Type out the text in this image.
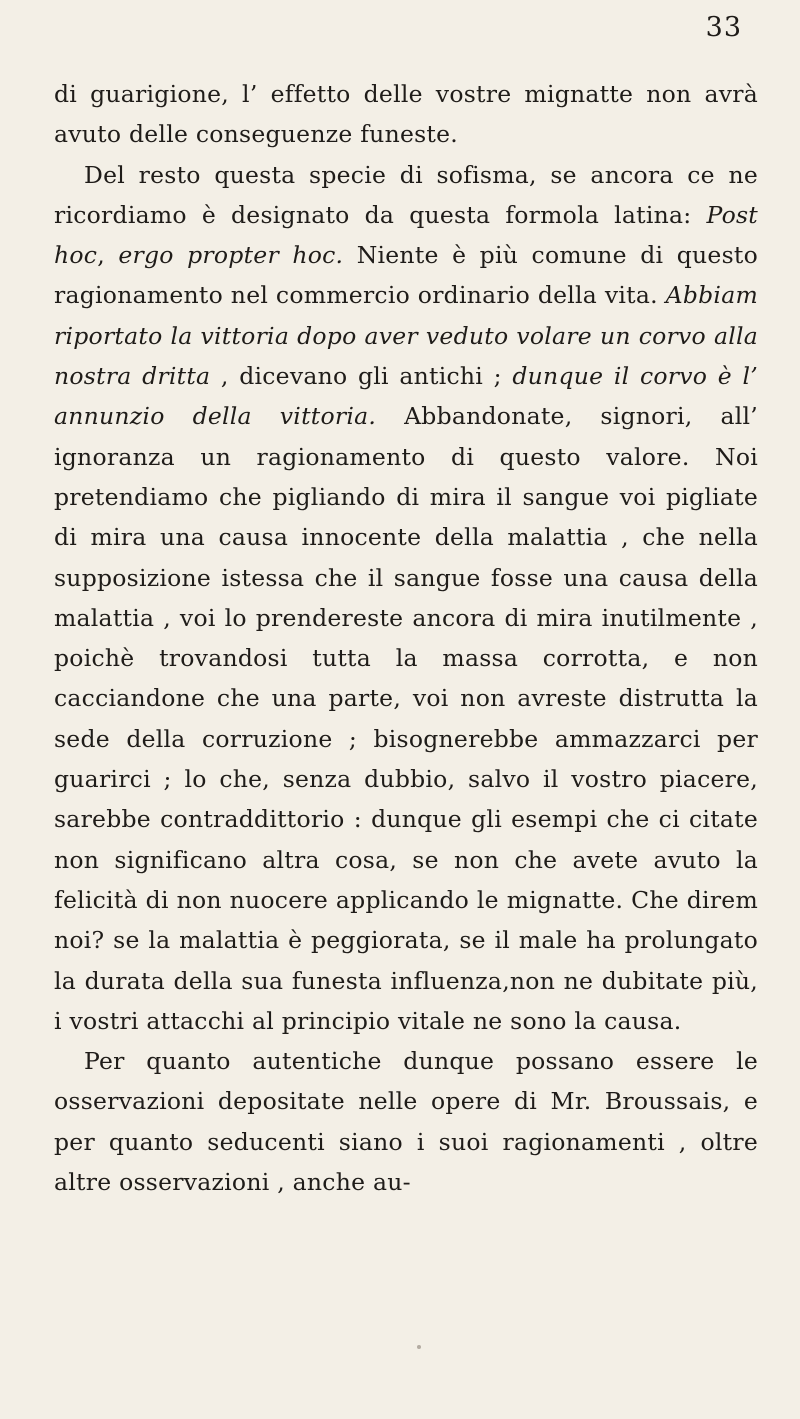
33

di guarigione, l’ effetto delle vostre mignatte non avrà avuto delle conseguenze funeste.

Del resto questa specie di sofisma, se ancora ce ne ricordiamo è designato da questa formola latina: Post hoc, ergo propter hoc. Niente è più comune di questo ragionamento nel commercio ordinario della vita. Abbiam riportato la vittoria dopo aver veduto volare un corvo alla nostra dritta , dicevano gli antichi ; dunque il corvo è l’ annunzio della vittoria. Abbandonate, signori, all’ ignoranza un ragionamento di questo valore. Noi pretendiamo che pigliando di mira il sangue voi pigliate di mira una causa innocente della malattia , che nella supposizione istessa che il sangue fosse una causa della malattia , voi lo prendereste ancora di mira inutilmente , poichè trovandosi tutta la massa corrotta, e non cacciandone che una parte, voi non avreste distrutta la sede della corruzione ; bisognerebbe ammazzarci per guarirci ; lo che, senza dubbio, salvo il vostro piacere, sarebbe contraddittorio : dunque gli esempi che ci citate non significano altra cosa, se non che avete avuto la felicità di non nuocere applicando le mignatte. Che direm noi? se la malattia è peggiorata, se il male ha prolungato la durata della sua funesta influenza,non ne dubitate più, i vostri attacchi al principio vitale ne sono la causa.

Per quanto autentiche dunque possano essere le osservazioni depositate nelle opere di Mr. Broussais, e per quanto seducenti siano i suoi ragionamenti , oltre altre osservazioni , anche au-
